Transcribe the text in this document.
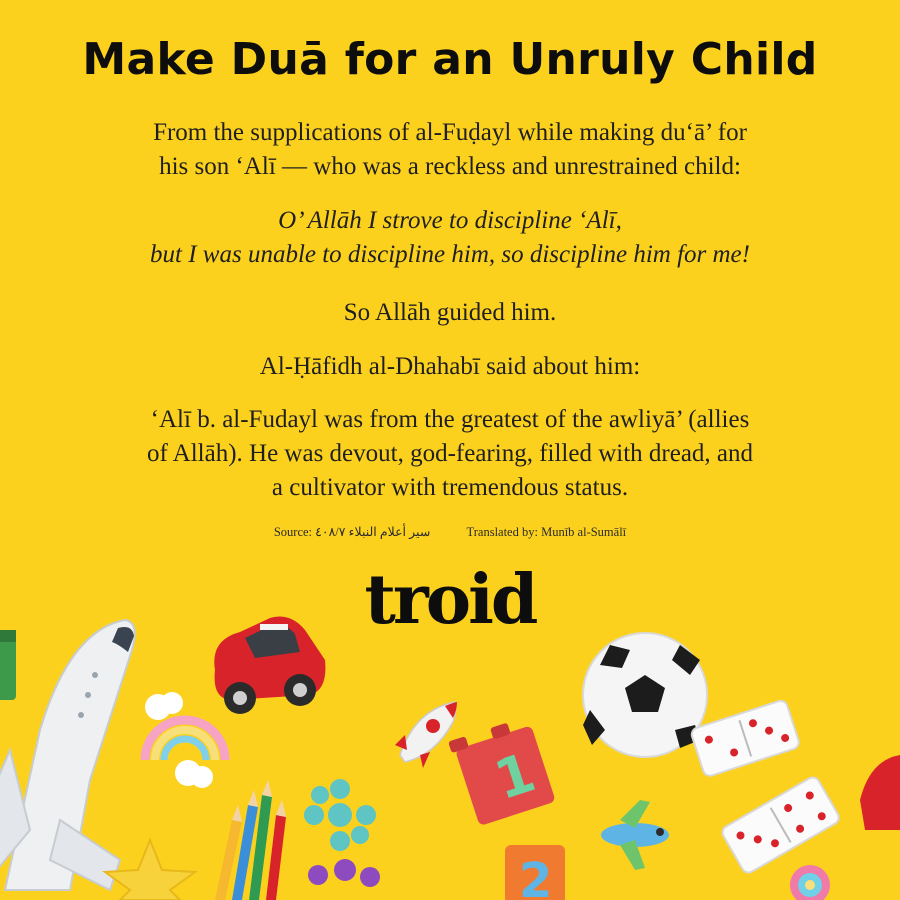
Make Duā for an Unruly Child

From the supplications of al-Fuḍayl while making du‘ā’ for
his son ‘Alī — who was a reckless and unrestrained child:

O’ Allāh I strove to discipline ‘Alī,
but I was unable to discipline him, so discipline him for me!

So Allāh guided him.

Al-Ḥāfidh al-Dhahabī said about him:

‘Alī b. al-Fudayl was from the greatest of the awliyā’ (allies
of Allāh). He was devout, god-fearing, filled with dread, and
a cultivator with tremendous status.

Source: سير أعلام النبلاء ٤٠٨/٧	Translated by: Munīb al-Sumālī
1
2
troid
